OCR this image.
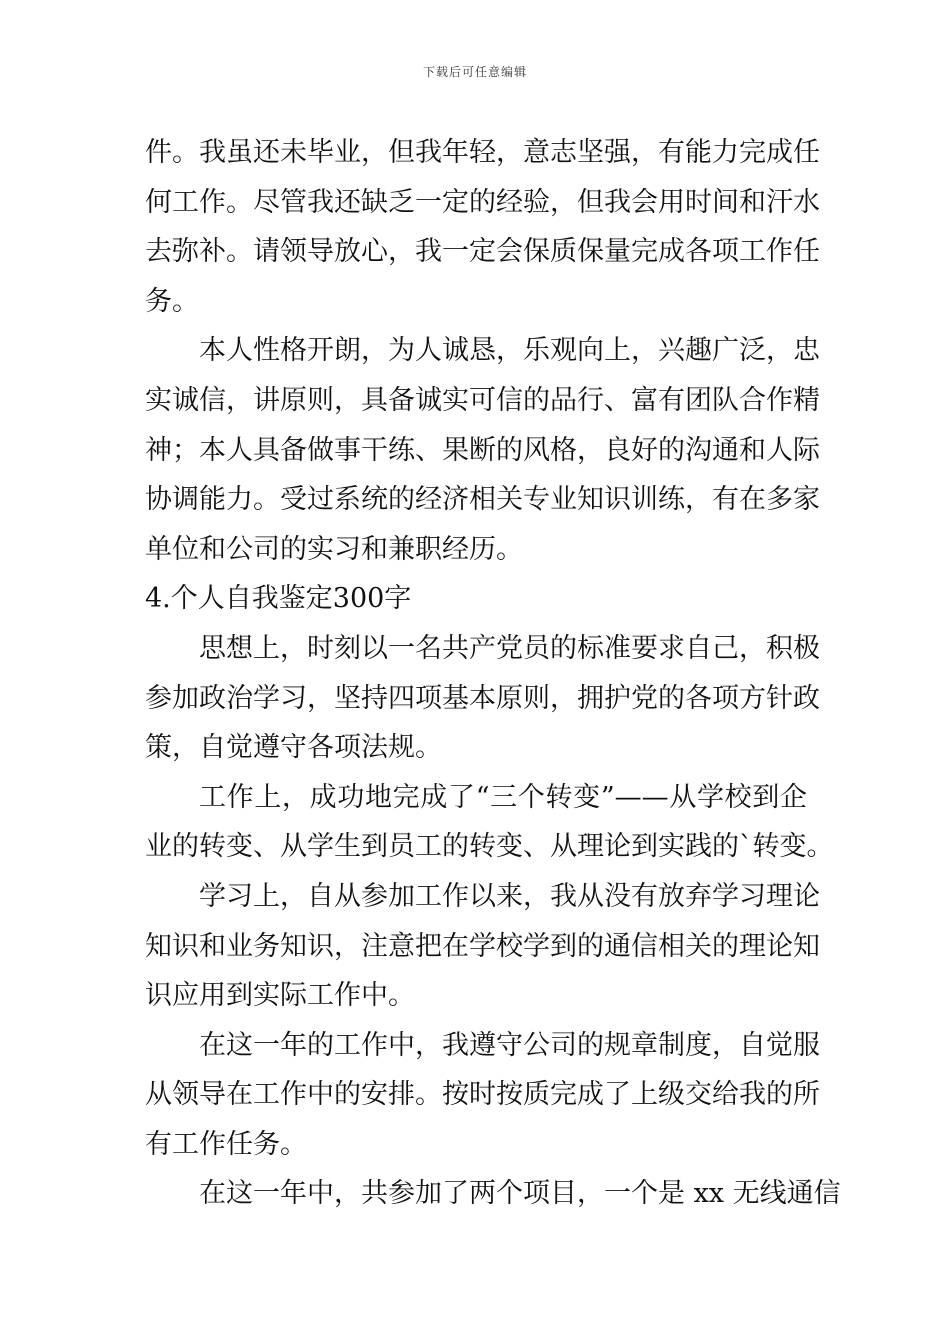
下载后可任意编辑
件。我虽还未毕业，但我年轻，意志坚强，有能力完成任
何工作。尽管我还缺乏一定的经验，但我会用时间和汗水
去弥补。请领导放心，我一定会保质保量完成各项工作任
务。
本人性格开朗，为人诚恳，乐观向上，兴趣广泛，忠
实诚信，讲原则，具备诚实可信的品行、富有团队合作精
神；本人具备做事干练、果断的风格，良好的沟通和人际
协调能力。受过系统的经济相关专业知识训练，有在多家
单位和公司的实习和兼职经历。
4.个人自我鉴定300字
思想上，时刻以一名共产党员的标准要求自己，积极
参加政治学习，坚持四项基本原则，拥护党的各项方针政
策，自觉遵守各项法规。
工作上，成功地完成了“三个转变”——从学校到企
业的转变、从学生到员工的转变、从理论到实践的`转变。
学习上，自从参加工作以来，我从没有放弃学习理论
知识和业务知识，注意把在学校学到的通信相关的理论知
识应用到实际工作中。
在这一年的工作中，我遵守公司的规章制度，自觉服
从领导在工作中的安排。按时按质完成了上级交给我的所
有工作任务。
在这一年中，共参加了两个项目，一个是 xx 无线通信
